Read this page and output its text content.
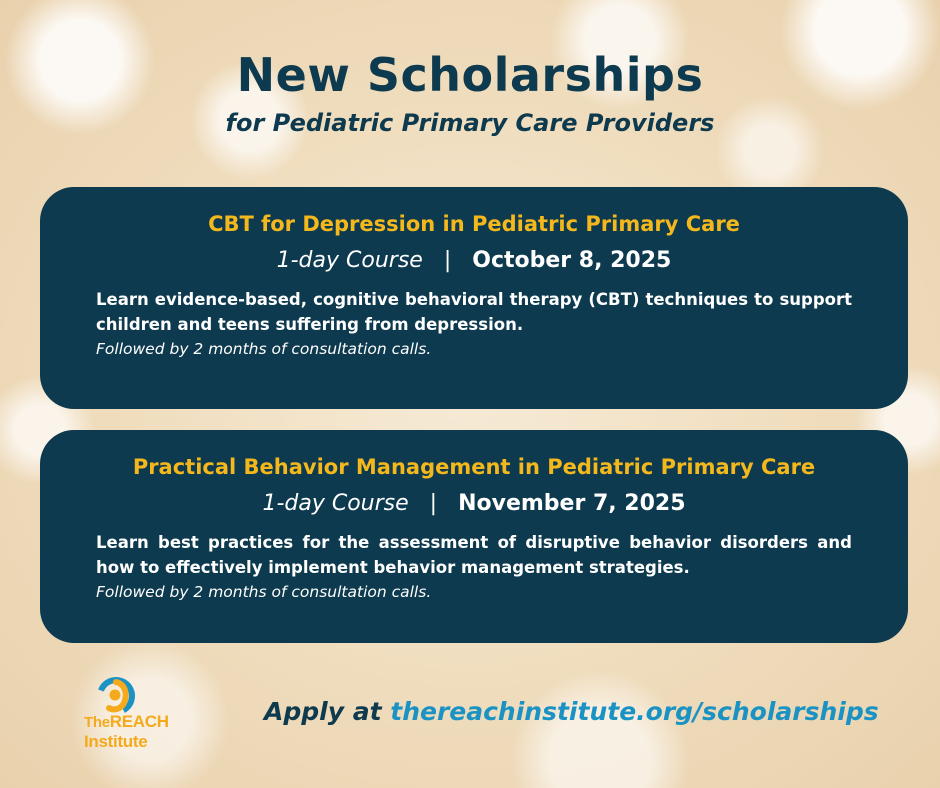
New Scholarships
for Pediatric Primary Care Providers
CBT for Depression in Pediatric Primary Care
1-day Course | October 8, 2025
Learn evidence-based, cognitive behavioral therapy (CBT) techniques to support children and teens suffering from depression.
Followed by 2 months of consultation calls.
Practical Behavior Management in Pediatric Primary Care
1-day Course | November 7, 2025
Learn best practices for the assessment of disruptive behavior disorders and how to effectively implement behavior management strategies.
Followed by 2 months of consultation calls.
TheREACH
Institute
Apply at thereachinstitute.org/scholarships
